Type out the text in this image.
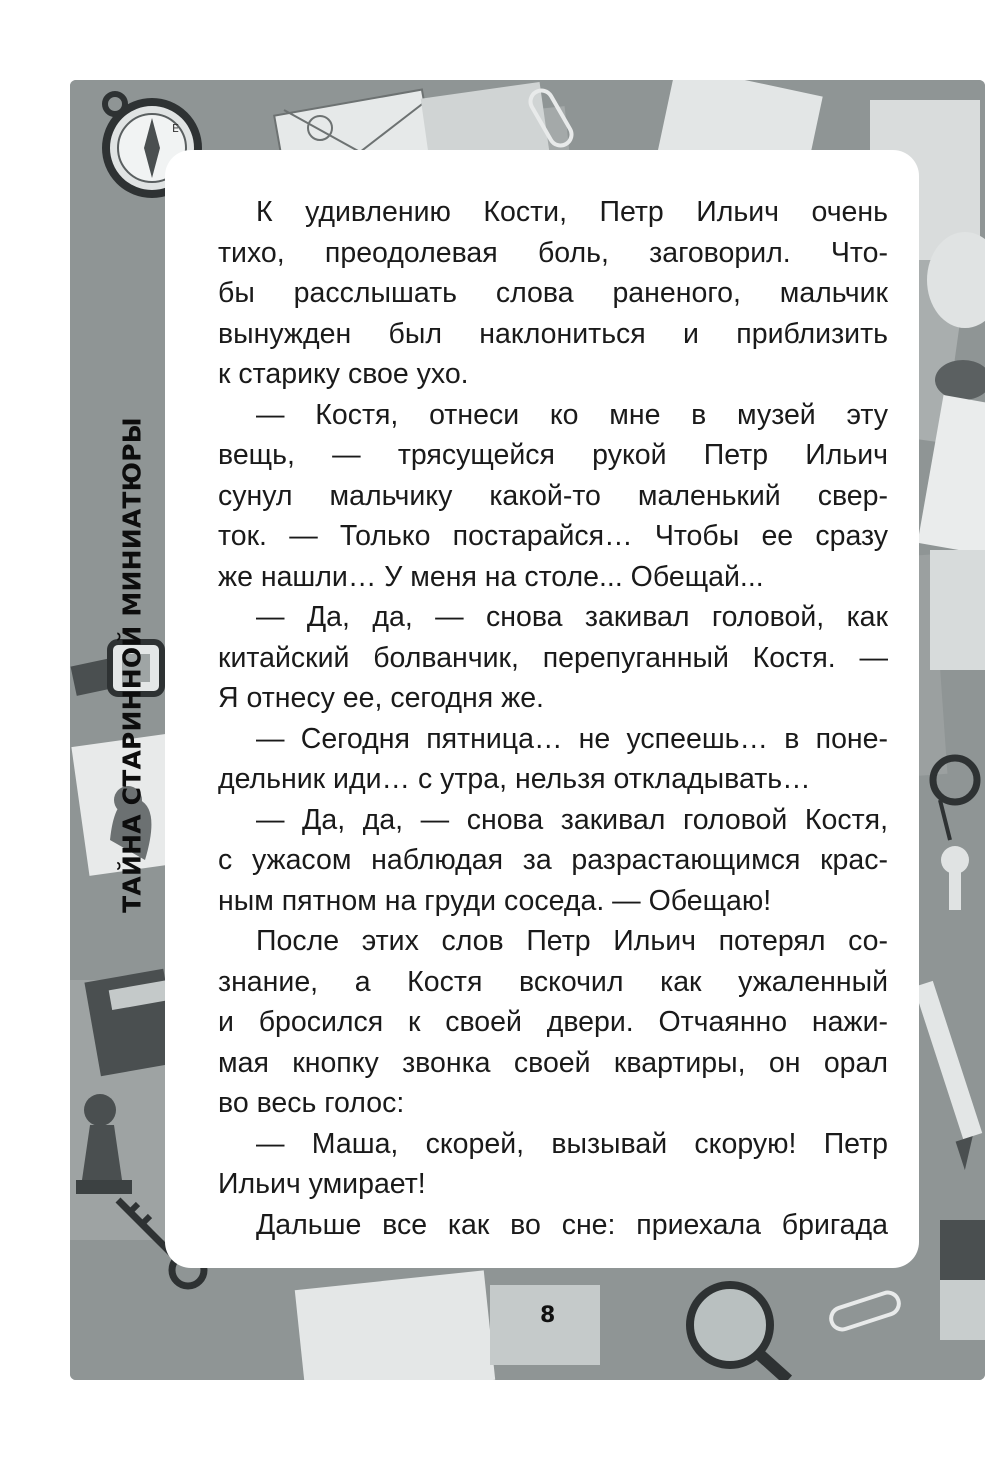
E
ТАЙНА СТАРИННОЙ МИНИАТЮРЫ

К удивлению Кости, Петр Ильич очень
тихо, преодолевая боль, заговорил. Что-
бы расслышать слова раненого, мальчик
вынужден был наклониться и приблизить
к старику свое ухо.

— Костя, отнеси ко мне в музей эту
вещь, — трясущейся рукой Петр Ильич
сунул мальчику какой-то маленький свер-
ток. — Только постарайся… Чтобы ее сразу
же нашли… У меня на столе... Обещай...

— Да, да, — снова закивал головой, как
китайский болванчик, перепуганный Костя. —
Я отнесу ее, сегодня же.

— Сегодня пятница… не успеешь… в поне-
дельник иди… с утра, нельзя откладывать…

— Да, да, — снова закивал головой Костя,
с ужасом наблюдая за разрастающимся крас-
ным пятном на груди соседа. — Обещаю!

После этих слов Петр Ильич потерял со-
знание, а Костя вскочил как ужаленный
и бросился к своей двери. Отчаянно нажи-
мая кнопку звонка своей квартиры, он орал
во весь голос:

— Маша, скорей, вызывай скорую! Петр
Ильич умирает!

Дальше все как во сне: приехала бригада

8
